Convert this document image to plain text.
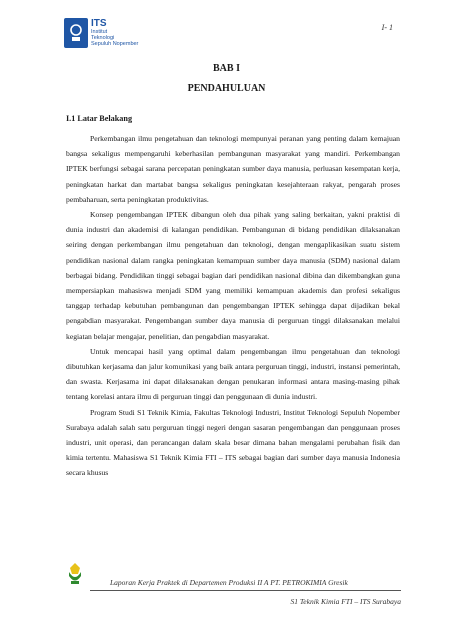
ITS
Institut
Teknologi
Sepuluh Nopember
I- 1
BAB I
PENDAHULUAN
I.1 Latar Belakang

Perkembangan ilmu pengetahuan dan teknologi mempunyai peranan yang penting dalam kemajuan bangsa sekaligus mempengaruhi keberhasilan pembangunan masyarakat yang mandiri. Perkembangan IPTEK berfungsi sebagai sarana percepatan peningkatan sumber daya manusia, perluasan kesempatan kerja, peningkatan harkat dan martabat bangsa sekaligus peningkatan kesejahteraan rakyat, pengarah proses pembaharuan, serta peningkatan produktivitas.

Konsep pengembangan IPTEK dibangun oleh dua pihak yang saling berkaitan, yakni praktisi di dunia industri dan akademisi di kalangan pendidikan. Pembangunan di bidang pendidikan dilaksanakan seiring dengan perkembangan ilmu pengetahuan dan teknologi, dengan mengaplikasikan suatu sistem pendidikan nasional dalam rangka peningkatan kemampuan sumber daya manusia (SDM) nasional dalam berbagai bidang. Pendidikan tinggi sebagai bagian dari pendidikan nasional dibina dan dikembangkan guna mempersiapkan mahasiswa menjadi SDM yang memiliki kemampuan akademis dan profesi sekaligus tanggap terhadap kebutuhan pembangunan dan pengembangan IPTEK sehingga dapat dijadikan bekal pengabdian masyarakat. Pengembangan sumber daya manusia di perguruan tinggi dilaksanakan melalui kegiatan belajar mengajar, penelitian, dan pengabdian masyarakat.

Untuk mencapai hasil yang optimal dalam pengembangan ilmu pengetahuan dan teknologi dibutuhkan kerjasama dan jalur komunikasi yang baik antara perguruan tinggi, industri, instansi pemerintah, dan swasta. Kerjasama ini dapat dilaksanakan dengan penukaran informasi antara masing-masing pihak tentang korelasi antara ilmu di perguruan tinggi dan penggunaan di dunia industri.

Program Studi S1 Teknik Kimia, Fakultas Teknologi Industri, Institut Teknologi Sepuluh Nopember Surabaya adalah salah satu perguruan tinggi negeri dengan sasaran pengembangan dan penggunaan proses industri, unit operasi, dan perancangan dalam skala besar dimana bahan mengalami perubahan fisik dan kimia tertentu. Mahasiswa S1 Teknik Kimia FTI – ITS sebagai bagian dari sumber daya manusia Indonesia secara khusus

Laporan Kerja Praktek di Departemen Produksi II A PT. PETROKIMIA Gresik
S1 Teknik Kimia FTI – ITS Surabaya
